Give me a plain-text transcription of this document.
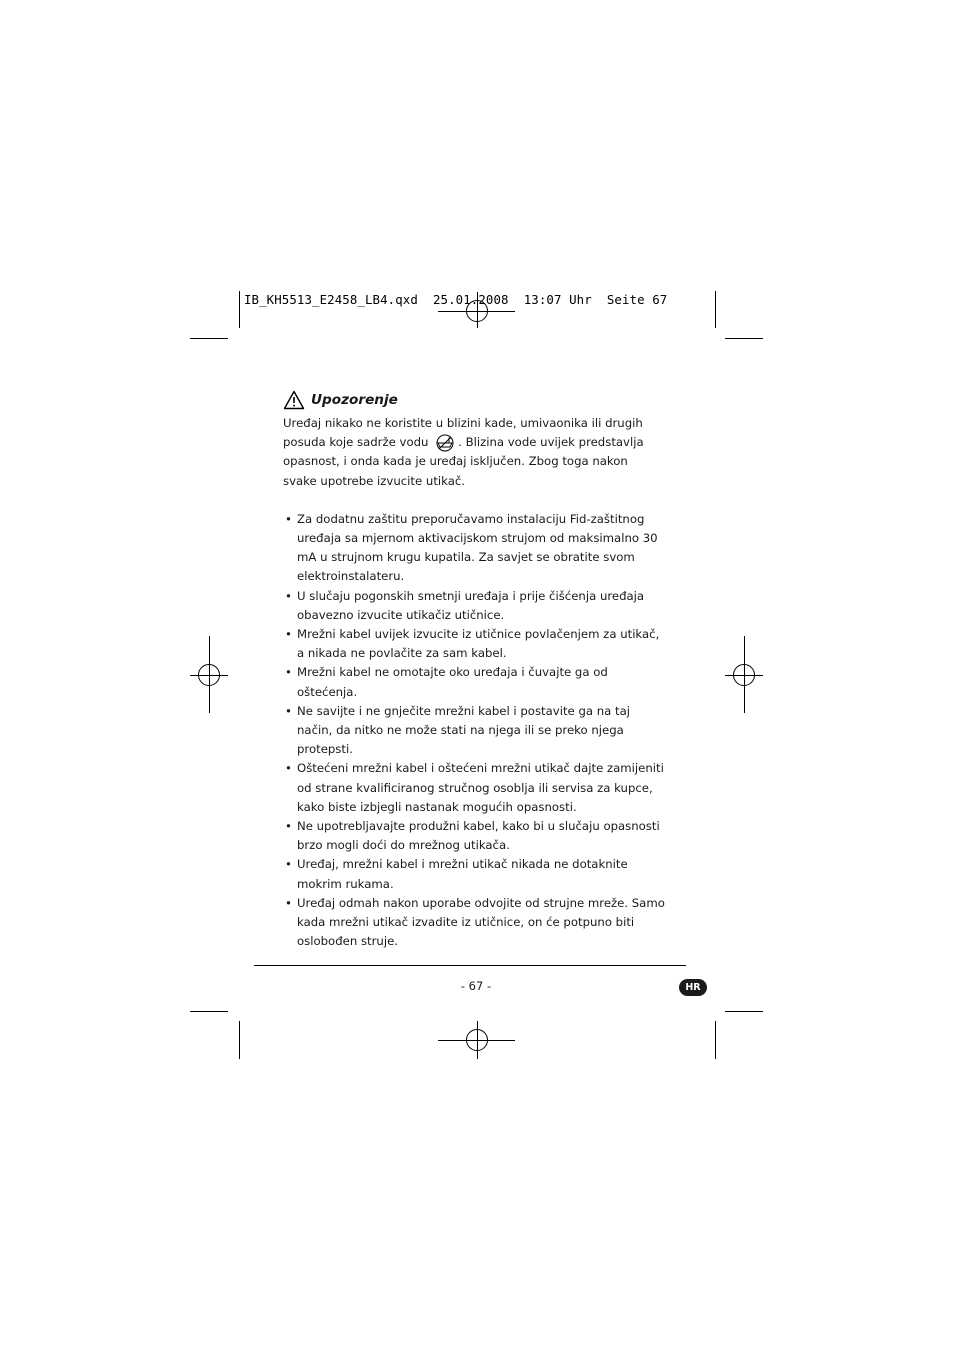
IB_KH5513_E2458_LB4.qxd  25.01.2008  13:07 Uhr  Seite 67
Upozorenje
Uređaj nikako ne koristite u blizini kade, umivaonika ili drugih posuda koje sadrže vodu	. Blizina vode uvijek predstavlja opasnost, i onda kada je uređaj isključen. Zbog toga nakon svake upotrebe izvucite utikač.
• Za dodatnu zaštitu preporučavamo instalaciju Fid-zaštitnog uređaja sa mjernom aktivacijskom strujom od maksimalno 30 mA u strujnom krugu kupatila. Za savjet se obratite svom elektroinstalateru.
• U slučaju pogonskih smetnji uređaja i prije čišćenja uređaja obavezno izvucite utikačiz utičnice.
• Mrežni kabel uvijek izvucite iz utičnice povlačenjem za utikač, a nikada ne povlačite za sam kabel.
• Mrežni kabel ne omotajte oko uređaja i čuvajte ga od oštećenja.
• Ne savijte i ne gnječite mrežni kabel i postavite ga na taj način, da nitko ne može stati na njega ili se preko njega protepsti.
• Oštećeni mrežni kabel i oštećeni mrežni utikač dajte zamijeniti od strane kvalificiranog stručnog osoblja ili servisa za kupce, kako biste izbjegli nastanak mogućih opasnosti.
• Ne upotrebljavajte produžni kabel, kako bi u slučaju opasnosti brzo mogli doći do mrežnog utikača.
• Uređaj, mrežni kabel i mrežni utikač nikada ne dotaknite mokrim rukama.
• Uređaj odmah nakon uporabe odvojite od strujne mreže. Samo kada mrežni utikač izvadite iz utičnice, on će potpuno biti oslobođen struje.
- 67 -	HR
